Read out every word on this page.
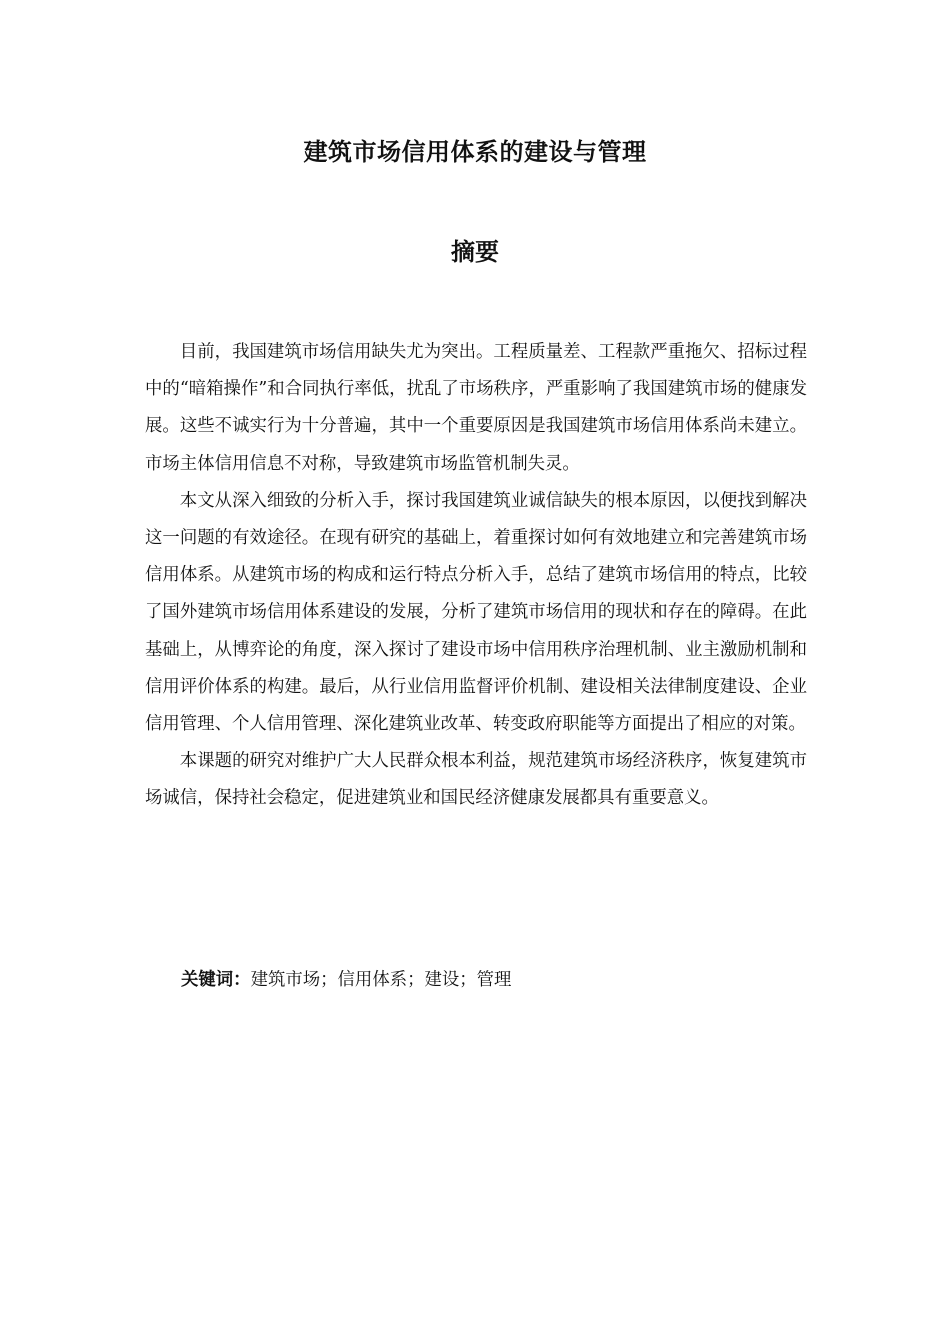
建筑市场信用体系的建设与管理
摘要

目前，我国建筑市场信用缺失尤为突出。工程质量差、工程款严重拖欠、招标过程中的“暗箱操作”和合同执行率低，扰乱了市场秩序，严重影响了我国建筑市场的健康发展。这些不诚实行为十分普遍，其中一个重要原因是我国建筑市场信用体系尚未建立。市场主体信用信息不对称，导致建筑市场监管机制失灵。

本文从深入细致的分析入手，探讨我国建筑业诚信缺失的根本原因，以便找到解决这一问题的有效途径。在现有研究的基础上，着重探讨如何有效地建立和完善建筑市场信用体系。从建筑市场的构成和运行特点分析入手，总结了建筑市场信用的特点，比较了国外建筑市场信用体系建设的发展，分析了建筑市场信用的现状和存在的障碍。在此基础上，从博弈论的角度，深入探讨了建设市场中信用秩序治理机制、业主激励机制和信用评价体系的构建。最后，从行业信用监督评价机制、建设相关法律制度建设、企业信用管理、个人信用管理、深化建筑业改革、转变政府职能等方面提出了相应的对策。

本课题的研究对维护广大人民群众根本利益，规范建筑市场经济秩序，恢复建筑市场诚信，保持社会稳定，促进建筑业和国民经济健康发展都具有重要意义。

关键词：建筑市场；信用体系；建设；管理
